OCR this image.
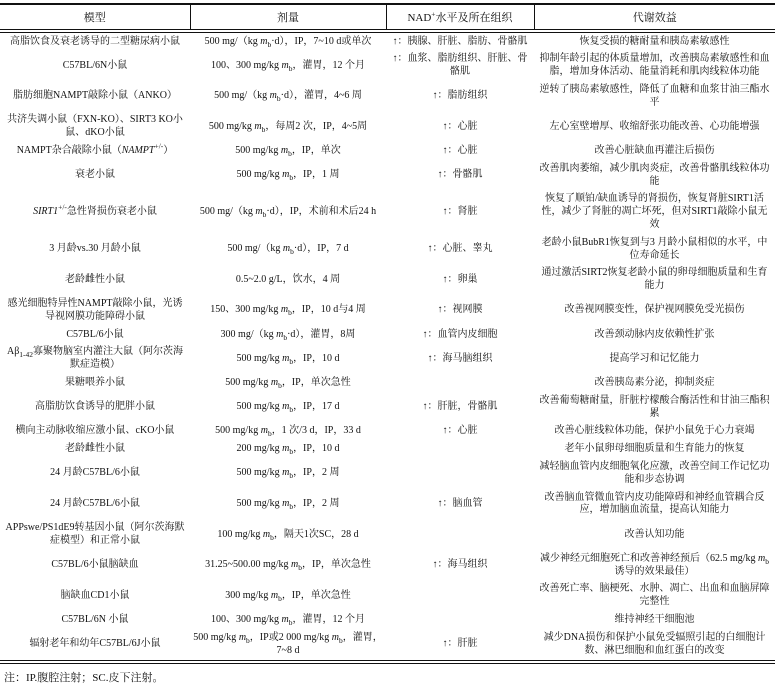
模型	剂量	NAD+水平及所在组织	代谢效益
高脂饮食及衰老诱导的二型糖尿病小鼠	500 mg/（kg $m_b\cdot d$），IP，7~10 d或单次	↑：胰腺、肝脏、脂肪、骨骼肌	恢复受损的糖耐量和胰岛素敏感性
C57BL/6N小鼠	100、300 mg/kg $m_b$，灌胃，12 个月	↑：血浆、脂肪组织、肝脏、骨骼肌	抑制年龄引起的体质量增加，改善胰岛素敏感性和血脂，增加身体活动、能量消耗和肌肉线粒体功能
脂肪细胞NAMPT敲除小鼠（ANKO）	500 mg/（kg $m_b\cdot d$），灌胃，4~6 周	↑：脂肪组织	逆转了胰岛素敏感性，降低了血糖和血浆甘油三酯水平
共济失调小鼠（FXN-KO）、SIRT3 KO小鼠、dKO小鼠	500 mg/kg $m_b$，每周2 次，IP，4~5周	↑：心脏	左心室壁增厚、收缩舒张功能改善、心功能增强
NAMPT杂合敲除小鼠（NAMPT+/-）	500 mg/kg $m_b$，IP，单次	↑：心脏	改善心脏缺血再灌注后损伤
衰老小鼠	500 mg/kg $m_b$，IP，1 周	↑：骨骼肌	改善肌肉萎缩，减少肌肉炎症，改善骨骼肌线粒体功能
SIRT1+/-急性肾损伤衰老小鼠	500 mg/（kg $m_b\cdot d$），IP，术前和术后24 h	↑：肾脏	恢复了顺铂/缺血诱导的肾损伤，恢复肾脏SIRT1活性，减少了肾脏的凋亡坏死，但对SIRT1敲除小鼠无效
3 月龄vs.30 月龄小鼠	500 mg/（kg $m_b\cdot d$），IP，7 d	↑：心脏、睾丸	老龄小鼠BubR1恢复到与3 月龄小鼠相似的水平，中位寿命延长
老龄雌性小鼠	0.5~2.0 g/L，饮水，4 周	↑：卵巢	通过激活SIRT2恢复老龄小鼠的卵母细胞质量和生育能力
感光细胞特异性NAMPT敲除小鼠，光诱导视网膜功能障碍小鼠	150、300 mg/kg $m_b$，IP，10 d与4 周	↑：视网膜	改善视网膜变性，保护视网膜免受光损伤
C57BL/6小鼠	300 mg/（kg $m_b\cdot d$），灌胃，8周	↑：血管内皮细胞	改善颈动脉内皮依赖性扩张
$A\beta_{1-42}$寡聚物脑室内灌注大鼠（阿尔茨海默症造模）	500 mg/kg $m_b$，IP，10 d	↑：海马脑组织	提高学习和记忆能力
果糖喂养小鼠	500 mg/kg $m_b$，IP，单次急性		改善胰岛素分泌，抑制炎症
高脂肪饮食诱导的肥胖小鼠	500 mg/kg $m_b$，IP，17 d	↑：肝脏，骨骼肌	改善葡萄糖耐量，肝脏柠檬酸合酶活性和甘油三酯积累
横向主动脉收缩应激小鼠、cKO小鼠	500 mg/kg $m_b$，1 次/3 d，IP，33 d	↑：心脏	改善心脏线粒体功能，保护小鼠免于心力衰竭
老龄雌性小鼠	200 mg/kg $m_b$，IP，10 d		老年小鼠卵母细胞质量和生育能力的恢复
24 月龄C57BL/6小鼠	500 mg/kg $m_b$，IP，2 周		减轻脑血管内皮细胞氧化应激，改善空间工作记忆功能和步态协调
24 月龄C57BL/6小鼠	500 mg/kg $m_b$，IP，2 周	↑：脑血管	改善脑血管微血管内皮功能障碍和神经血管耦合反应，增加脑血流量，提高认知能力
APPswe/PS1dE9转基因小鼠（阿尔茨海默症模型）和正常小鼠	100 mg/kg $m_b$，隔天1次SC，28 d		改善认知功能
C57BL/6小鼠脑缺血	31.25~500.00 mg/kg $m_b$，IP，单次急性	↑：海马组织	减少神经元细胞死亡和改善神经预后（62.5 mg/kg $m_b$诱导的效果最佳）
脑缺血CD1小鼠	300 mg/kg $m_b$，IP，单次急性		改善死亡率、脑梗死、水肿、凋亡、出血和血脑屏障完整性
C57BL/6N 小鼠	100、300 mg/kg $m_b$，灌胃，12 个月		维持神经干细胞池
辐射老年和幼年C57BL/6J小鼠	500 mg/kg $m_b$，IP或2 000 mg/kg $m_b$，灌胃，7~8 d	↑：肝脏	减少DNA损伤和保护小鼠免受辐照引起的白细胞计数、淋巴细胞和血红蛋白的改变
注：IP.腹腔注射；SC.皮下注射。
